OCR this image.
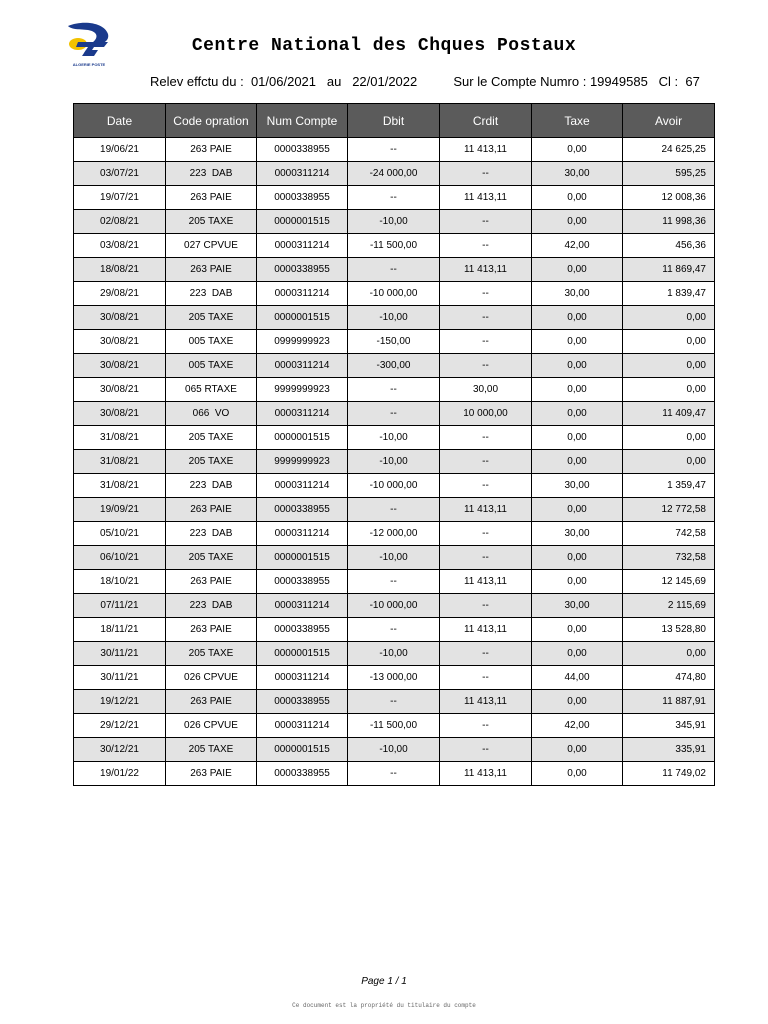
ALGERIE POSTE
Centre National des Chques Postaux
Relev effctu du : 01/06/2021 au 22/01/2022	Sur le Compte Numro : 19949585 Cl : 67
Date	Code opration	Num Compte	Dbit	Crdit	Taxe	Avoir
19/06/21	263 PAIE	0000338955	--	11 413,11	0,00	24 625,25
03/07/21	223  DAB	0000311214	-24 000,00	--	30,00	595,25
19/07/21	263 PAIE	0000338955	--	11 413,11	0,00	12 008,36
02/08/21	205 TAXE	0000001515	-10,00	--	0,00	11 998,36
03/08/21	027 CPVUE	0000311214	-11 500,00	--	42,00	456,36
18/08/21	263 PAIE	0000338955	--	11 413,11	0,00	11 869,47
29/08/21	223  DAB	0000311214	-10 000,00	--	30,00	1 839,47
30/08/21	205 TAXE	0000001515	-10,00	--	0,00	0,00
30/08/21	005 TAXE	0999999923	-150,00	--	0,00	0,00
30/08/21	005 TAXE	0000311214	-300,00	--	0,00	0,00
30/08/21	065 RTAXE	9999999923	--	30,00	0,00	0,00
30/08/21	066  VO	0000311214	--	10 000,00	0,00	11 409,47
31/08/21	205 TAXE	0000001515	-10,00	--	0,00	0,00
31/08/21	205 TAXE	9999999923	-10,00	--	0,00	0,00
31/08/21	223  DAB	0000311214	-10 000,00	--	30,00	1 359,47
19/09/21	263 PAIE	0000338955	--	11 413,11	0,00	12 772,58
05/10/21	223  DAB	0000311214	-12 000,00	--	30,00	742,58
06/10/21	205 TAXE	0000001515	-10,00	--	0,00	732,58
18/10/21	263 PAIE	0000338955	--	11 413,11	0,00	12 145,69
07/11/21	223  DAB	0000311214	-10 000,00	--	30,00	2 115,69
18/11/21	263 PAIE	0000338955	--	11 413,11	0,00	13 528,80
30/11/21	205 TAXE	0000001515	-10,00	--	0,00	0,00
30/11/21	026 CPVUE	0000311214	-13 000,00	--	44,00	474,80
19/12/21	263 PAIE	0000338955	--	11 413,11	0,00	11 887,91
29/12/21	026 CPVUE	0000311214	-11 500,00	--	42,00	345,91
30/12/21	205 TAXE	0000001515	-10,00	--	0,00	335,91
19/01/22	263 PAIE	0000338955	--	11 413,11	0,00	11 749,02
Page 1 / 1
Ce document est la propriété du titulaire du compte
